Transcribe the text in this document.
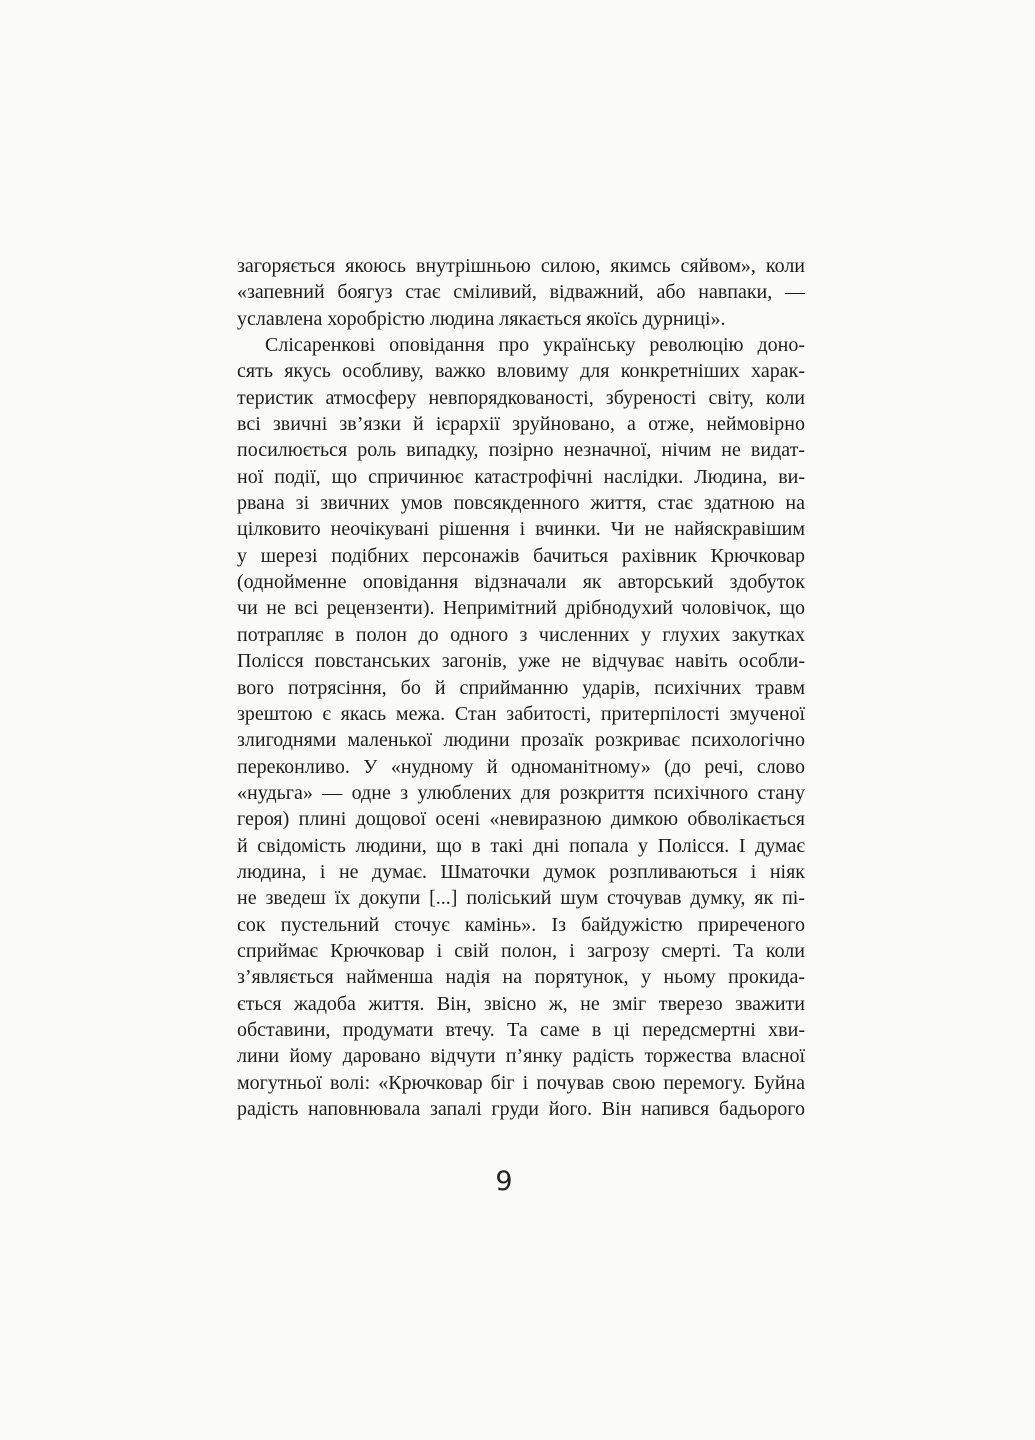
загоряється якоюсь внутрішньою силою, якимсь сяйвом», коли
«запевний боягуз стає сміливий, відважний, або навпаки, —
уславлена хоробрістю людина лякається якоїсь дурниці».
Слісаренкові оповідання про українську революцію доно-
сять якусь особливу, важко вловиму для конкретніших харак-
теристик атмосферу невпорядкованості, збуреності світу, коли
всі звичні зв’язки й ієрархії зруйновано, а отже, неймовірно
посилюється роль випадку, позірно незначної, нічим не видат-
ної події, що спричинює катастрофічні наслідки. Людина, ви-
рвана зі звичних умов повсякденного життя, стає здатною на
цілковито неочікувані рішення і вчинки. Чи не найяскравішим
у шерезі подібних персонажів бачиться рахівник Крючковар
(однойменне оповідання відзначали як авторський здобуток
чи не всі рецензенти). Непримітний дрібнодухий чоловічок, що
потрапляє в полон до одного з численних у глухих закутках
Полісся повстанських загонів, уже не відчуває навіть особли-
вого потрясіння, бо й сприйманню ударів, психічних травм
зрештою є якась межа. Стан забитості, притерпілості змученої
злигоднями маленької людини прозаїк розкриває психологічно
переконливо. У «нудному й одноманітному» (до речі, слово
«нудьга» — одне з улюблених для розкриття психічного стану
героя) плині дощової осені «невиразною димкою обволікається
й свідомість людини, що в такі дні попала у Полісся. І думає
людина, і не думає. Шматочки думок розпливаються і ніяк
не зведеш їх докупи [...] поліський шум сточував думку, як пі-
сок пустельний сточує камінь». Із байдужістю приреченого
сприймає Крючковар і свій полон, і загрозу смерті. Та коли
з’являється найменша надія на порятунок, у ньому прокида-
ється жадоба життя. Він, звісно ж, не зміг тверезо зважити
обставини, продумати втечу. Та саме в ці передсмертні хви-
лини йому даровано відчути п’янку радість торжества власної
могутньої волі: «Крючковар біг і почував свою перемогу. Буйна
радість наповнювала запалі груди його. Він напився бадьорого
9
